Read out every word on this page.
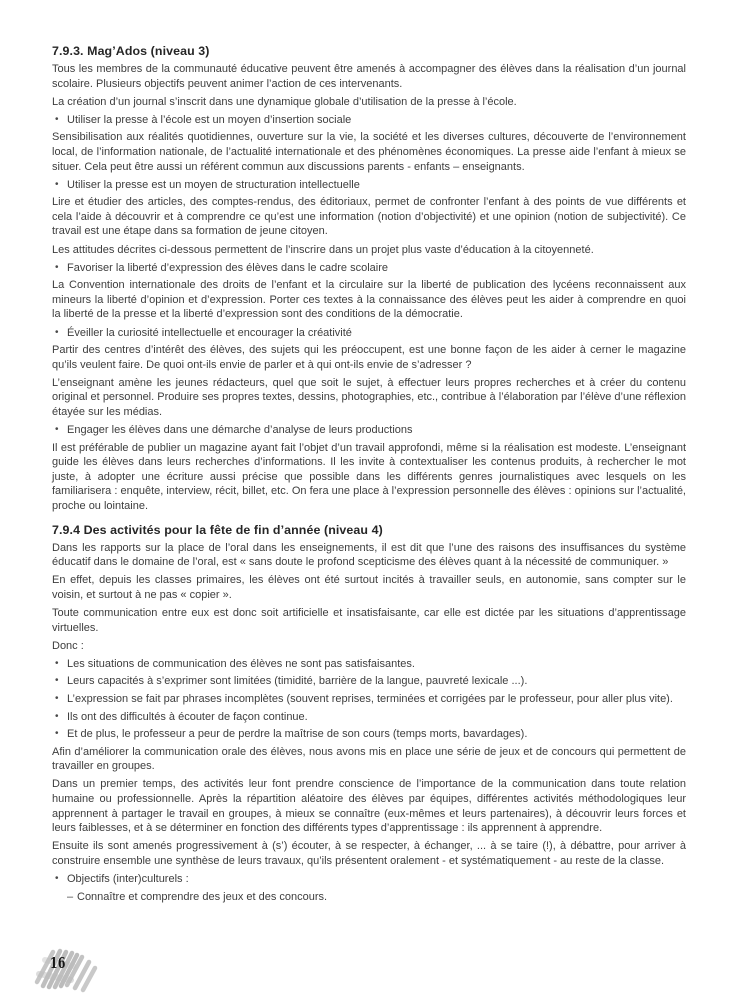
7.9.3. Mag’Ados (niveau 3)

Tous les membres de la communauté éducative peuvent être amenés à accompagner des élèves dans la réalisation d’un journal scolaire. Plusieurs objectifs peuvent animer l’action de ces intervenants.

La création d’un journal s’inscrit dans une dynamique globale d’utilisation de la presse à l’école.

• Utiliser la presse à l’école est un moyen d’insertion sociale

Sensibilisation aux réalités quotidiennes, ouverture sur la vie, la société et les diverses cultures, découverte de l’environnement local, de l’information nationale, de l’actualité internationale et des phénomènes économiques. La presse aide l’enfant à mieux se situer. Cela peut être aussi un référent commun aux discussions parents - enfants – enseignants.

• Utiliser la presse est un moyen de structuration intellectuelle

Lire et étudier des articles, des comptes-rendus, des éditoriaux, permet de confronter l’enfant à des points de vue différents et cela l’aide à découvrir et à comprendre ce qu’est une information (notion d’objectivité) et une opinion (notion de subjectivité). Ce travail est une étape dans sa formation de jeune citoyen.

Les attitudes décrites ci-dessous permettent de l’inscrire dans un projet plus vaste d’éducation à la citoyenneté.

• Favoriser la liberté d’expression des élèves dans le cadre scolaire

La Convention internationale des droits de l’enfant et la circulaire sur la liberté de publication des lycéens reconnaissent aux mineurs la liberté d’opinion et d’expression. Porter ces textes à la connaissance des élèves peut les aider à comprendre en quoi la liberté de la presse et la liberté d’expression sont des conditions de la démocratie.

• Éveiller la curiosité intellectuelle et encourager la créativité

Partir des centres d’intérêt des élèves, des sujets qui les préoccupent, est une bonne façon de les aider à cerner le magazine qu’ils veulent faire. De quoi ont-ils envie de parler et à qui ont-ils envie de s’adresser ?

L’enseignant amène les jeunes rédacteurs, quel que soit le sujet, à effectuer leurs propres recherches et à créer du contenu original et personnel. Produire ses propres textes, dessins, photographies, etc., contribue à l’élaboration par l’élève d’une réflexion étayée sur les médias.

• Engager les élèves dans une démarche d’analyse de leurs productions

Il est préférable de publier un magazine ayant fait l’objet d’un travail approfondi, même si la réalisation est modeste. L’enseignant guide les élèves dans leurs recherches d’informations. Il les invite à contextualiser les contenus produits, à rechercher le mot juste, à adopter une écriture aussi précise que possible dans les différents genres journalistiques avec lesquels on les familiarisera : enquête, interview, récit, billet, etc. On fera une place à l’expression personnelle des élèves : opinions sur l’actualité, proche ou lointaine.

7.9.4 Des activités pour la fête de fin d’année (niveau 4)

Dans les rapports sur la place de l’oral dans les enseignements, il est dit que l’une des raisons des insuffisances du système éducatif dans le domaine de l’oral, est « sans doute le profond scepticisme des élèves quant à la nécessité de communiquer. »

En effet, depuis les classes primaires, les élèves ont été surtout incités à travailler seuls, en autonomie, sans compter sur le voisin, et surtout à ne pas « copier ».

Toute communication entre eux est donc soit artificielle et insatisfaisante, car elle est dictée par les situations d’apprentissage virtuelles.

Donc :

• Les situations de communication des élèves ne sont pas satisfaisantes.
• Leurs capacités à s’exprimer sont limitées (timidité, barrière de la langue, pauvreté lexicale ...).
• L’expression se fait par phrases incomplètes (souvent reprises, terminées et corrigées par le professeur, pour aller plus vite).
• Ils ont des difficultés à écouter de façon continue.
• Et de plus, le professeur a peur de perdre la maîtrise de son cours (temps morts, bavardages).

Afin d’améliorer la communication orale des élèves, nous avons mis en place une série de jeux et de concours qui permettent de travailler en groupes.

Dans un premier temps, des activités leur font prendre conscience de l’importance de la communication dans toute relation humaine ou professionnelle. Après la répartition aléatoire des élèves par équipes, différentes activités méthodologiques leur apprennent à partager le travail en groupes, à mieux se connaître (eux-mêmes et leurs partenaires), à découvrir leurs forces et leurs faiblesses, et à se déterminer en fonction des différents types d’apprentissage : ils apprennent à apprendre.

Ensuite ils sont amenés progressivement à (s’) écouter, à se respecter, à échanger, ... à se taire (!), à débattre, pour arriver à construire ensemble une synthèse de leurs travaux, qu’ils présentent oralement - et systématiquement - au reste de la classe.

• Objectifs (inter)culturels :
– Connaître et comprendre des jeux et des concours.
16
